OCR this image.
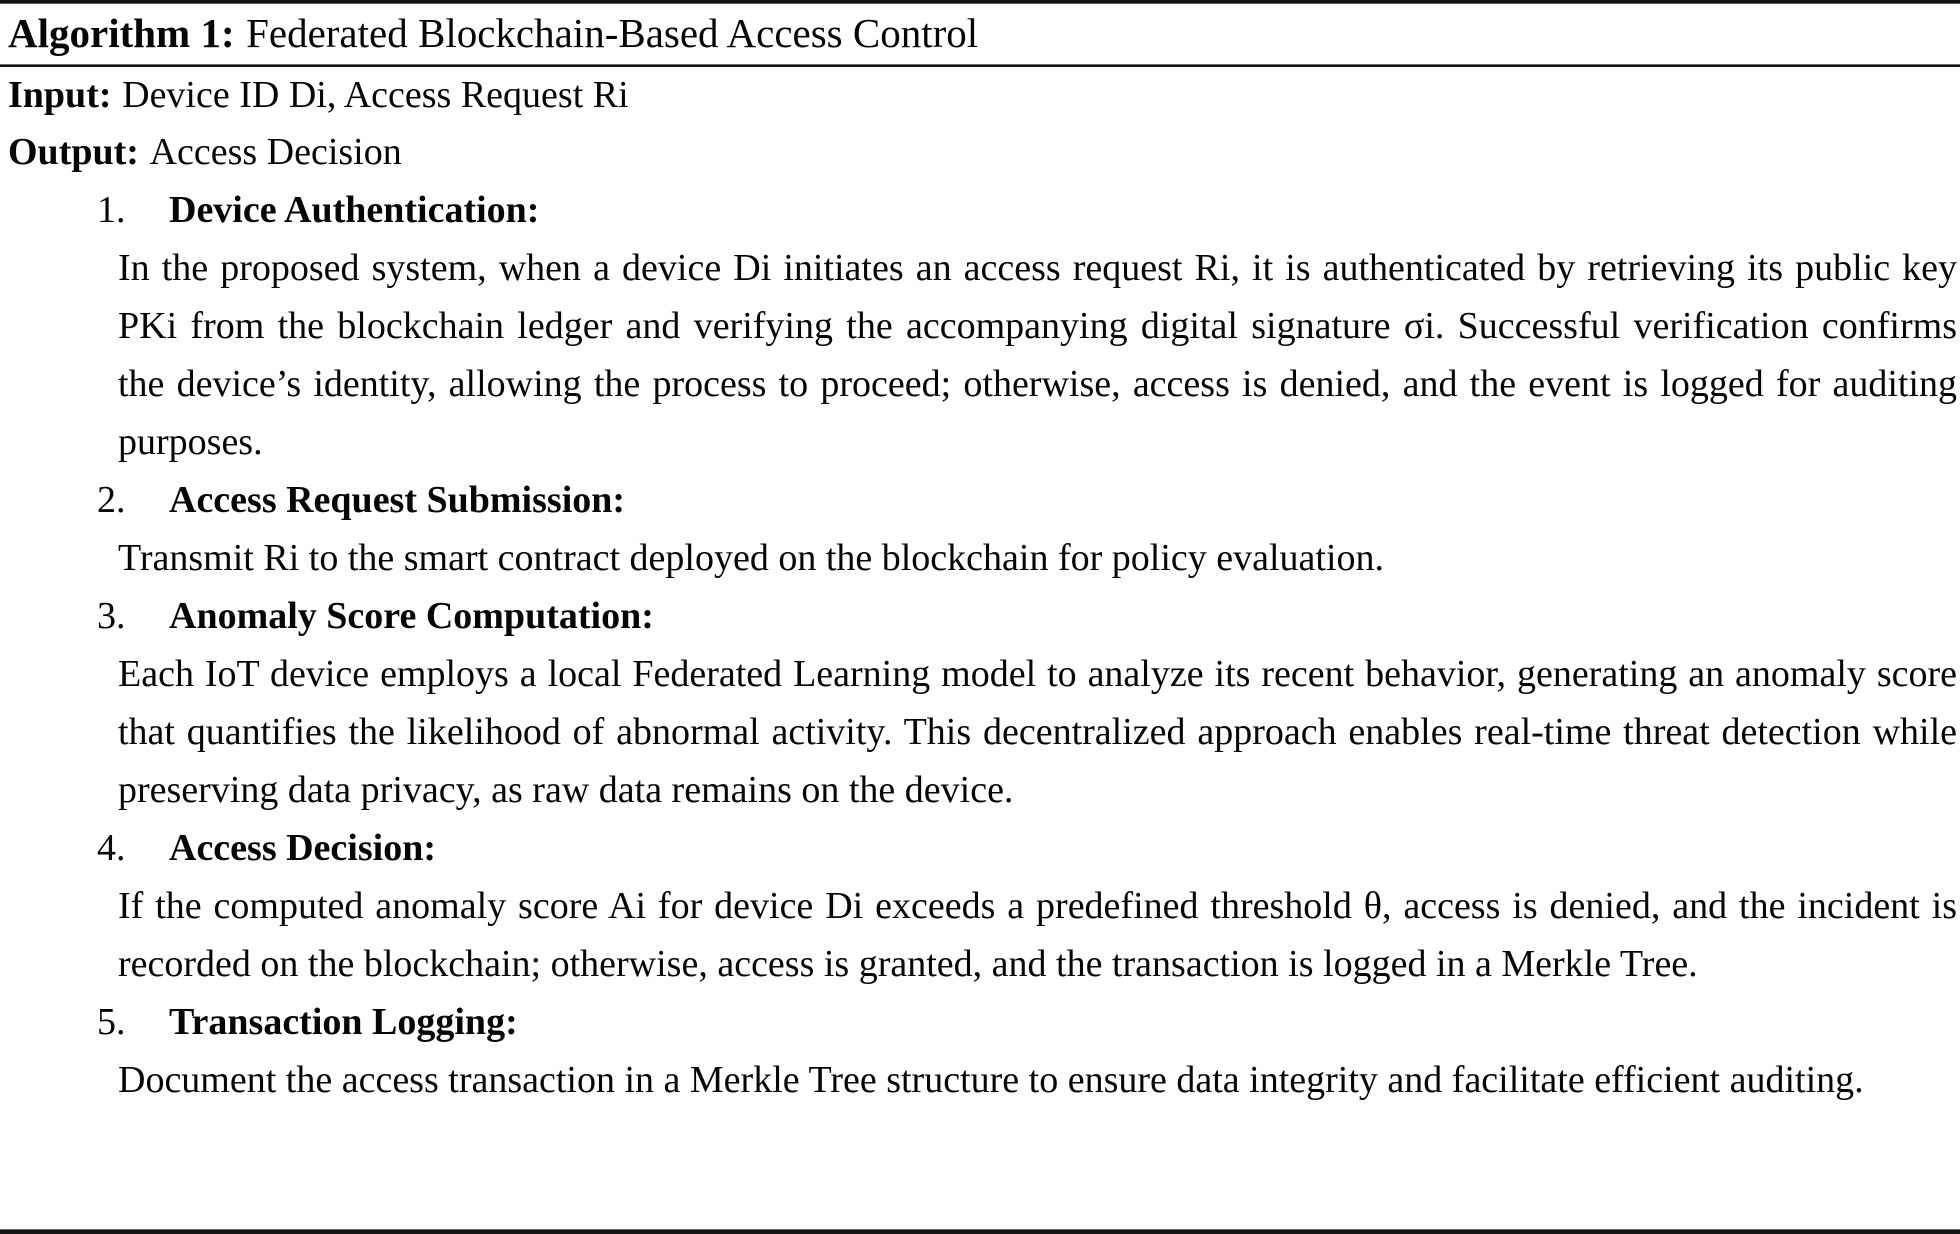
Algorithm 1: Federated Blockchain-Based Access Control
Input: Device ID Di, Access Request Ri
Output: Access Decision
1. Device Authentication:
In the proposed system, when a device Di initiates an access request Ri, it is authenticated by retrieving its public key PKi from the blockchain ledger and verifying the accompanying digital signature σi. Successful verification confirms the device’s identity, allowing the process to proceed; otherwise, access is denied, and the event is logged for auditing purposes.
2. Access Request Submission:
Transmit Ri to the smart contract deployed on the blockchain for policy evaluation.
3. Anomaly Score Computation:
Each IoT device employs a local Federated Learning model to analyze its recent behavior, generating an anomaly score that quantifies the likelihood of abnormal activity. This decentralized approach enables real-time threat detection while preserving data privacy, as raw data remains on the device.
4. Access Decision:
If the computed anomaly score Ai for device Di exceeds a predefined threshold θ, access is denied, and the incident is recorded on the blockchain; otherwise, access is granted, and the transaction is logged in a Merkle Tree.
5. Transaction Logging:
Document the access transaction in a Merkle Tree structure to ensure data integrity and facilitate efficient auditing.
